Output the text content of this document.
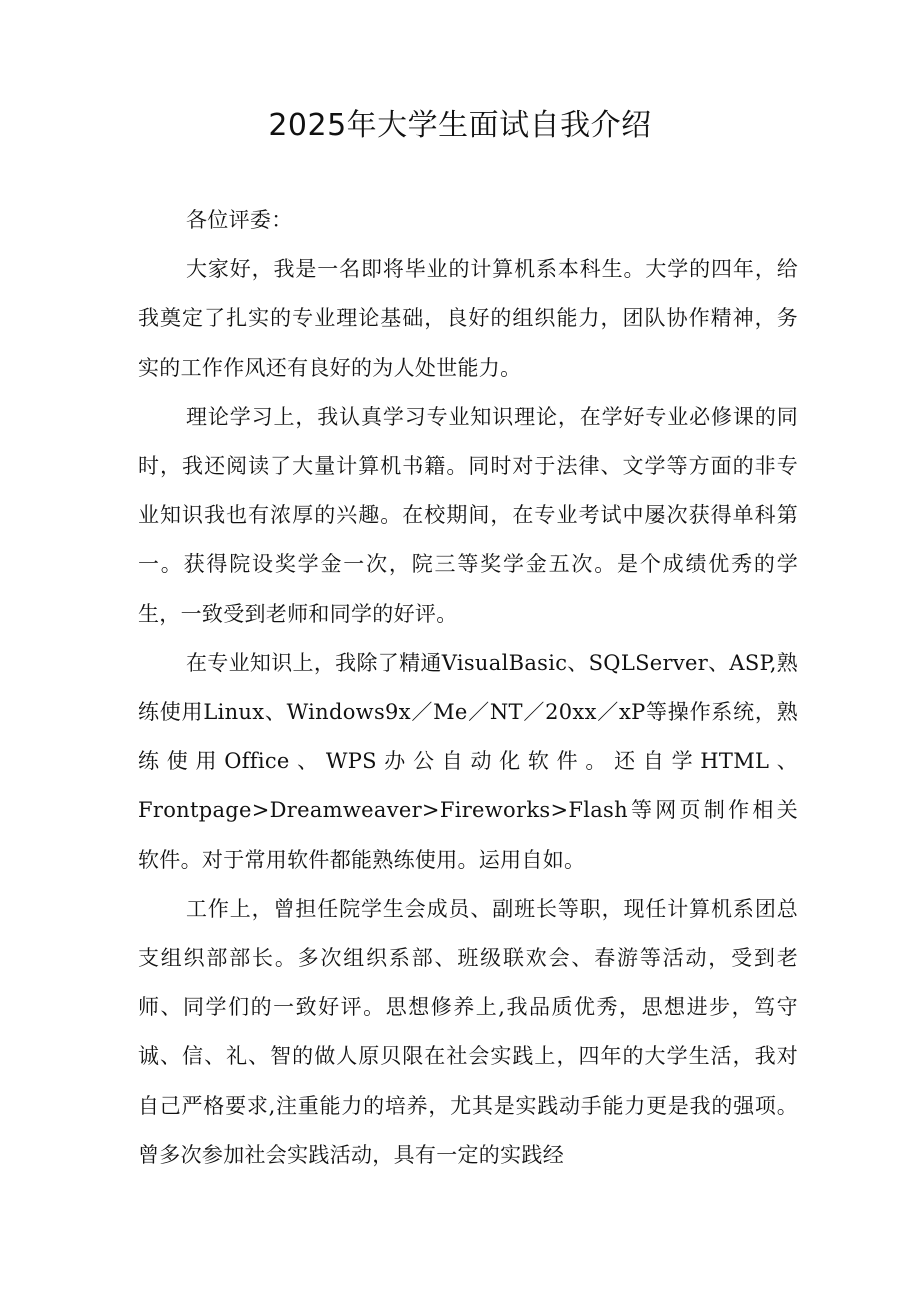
2025年大学生面试自我介绍

各位评委：

大家好，我是一名即将毕业的计算机系本科生。大学的四年，给我奠定了扎实的专业理论基础，良好的组织能力，团队协作精神，务实的工作作风还有良好的为人处世能力。

理论学习上，我认真学习专业知识理论，在学好专业必修课的同时，我还阅读了大量计算机书籍。同时对于法律、文学等方面的非专业知识我也有浓厚的兴趣。在校期间，在专业考试中屡次获得单科第一。获得院设奖学金一次，院三等奖学金五次。是个成绩优秀的学生，一致受到老师和同学的好评。

在专业知识上，我除了精通VisualBasic、SQLServer、ASP,熟练使用Linux、Windows9x／Me／NT／20xx／xP等操作系统，熟练使用Office、WPS办公自动化软件。还自学HTML、Frontpage>Dreamweaver>Fireworks>Flash等网页制作相关软件。对于常用软件都能熟练使用。运用自如。

工作上，曾担任院学生会成员、副班长等职，现任计算机系团总支组织部部长。多次组织系部、班级联欢会、春游等活动，受到老师、同学们的一致好评。思想修养上,我品质优秀，思想进步，笃守诚、信、礼、智的做人原贝限在社会实践上，四年的大学生活，我对自己严格要求,注重能力的培养，尤其是实践动手能力更是我的强项。曾多次参加社会实践活动，具有一定的实践经
